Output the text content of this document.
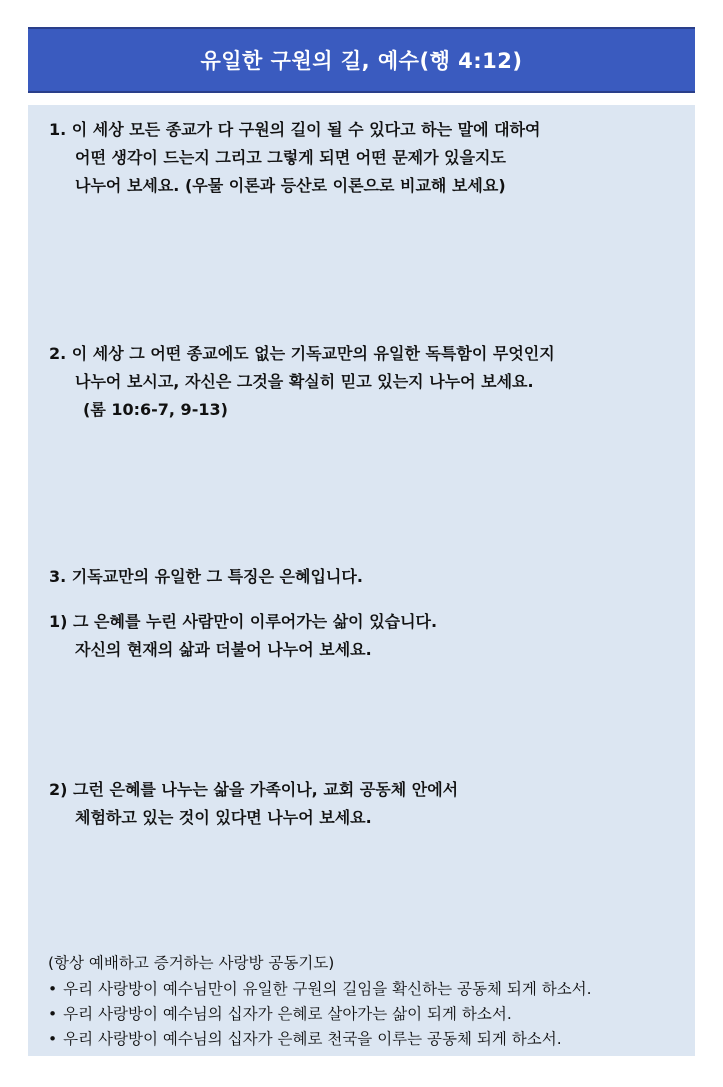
유일한 구원의 길, 예수(행 4:12)
1. 이 세상 모든 종교가 다 구원의 길이 될 수 있다고 하는 말에 대하여
어떤 생각이 드는지 그리고 그렇게 되면 어떤 문제가 있을지도
나누어 보세요. (우물 이론과 등산로 이론으로 비교해 보세요)
2. 이 세상 그 어떤 종교에도 없는 기독교만의 유일한 독특함이 무엇인지
나누어 보시고, 자신은 그것을 확실히 믿고 있는지 나누어 보세요.
(롬 10:6-7, 9-13)
3. 기독교만의 유일한 그 특징은 은혜입니다.
1) 그 은혜를 누린 사람만이 이루어가는 삶이 있습니다.
자신의 현재의 삶과 더불어 나누어 보세요.
2) 그런 은혜를 나누는 삶을 가족이나, 교회 공동체 안에서
체험하고 있는 것이 있다면 나누어 보세요.
(항상 예배하고 증거하는 사랑방 공동기도)
• 우리 사랑방이 예수님만이 유일한 구원의 길임을 확신하는 공동체 되게 하소서.
• 우리 사랑방이 예수님의 십자가 은혜로 살아가는 삶이 되게 하소서.
• 우리 사랑방이 예수님의 십자가 은혜로 천국을 이루는 공동체 되게 하소서.
